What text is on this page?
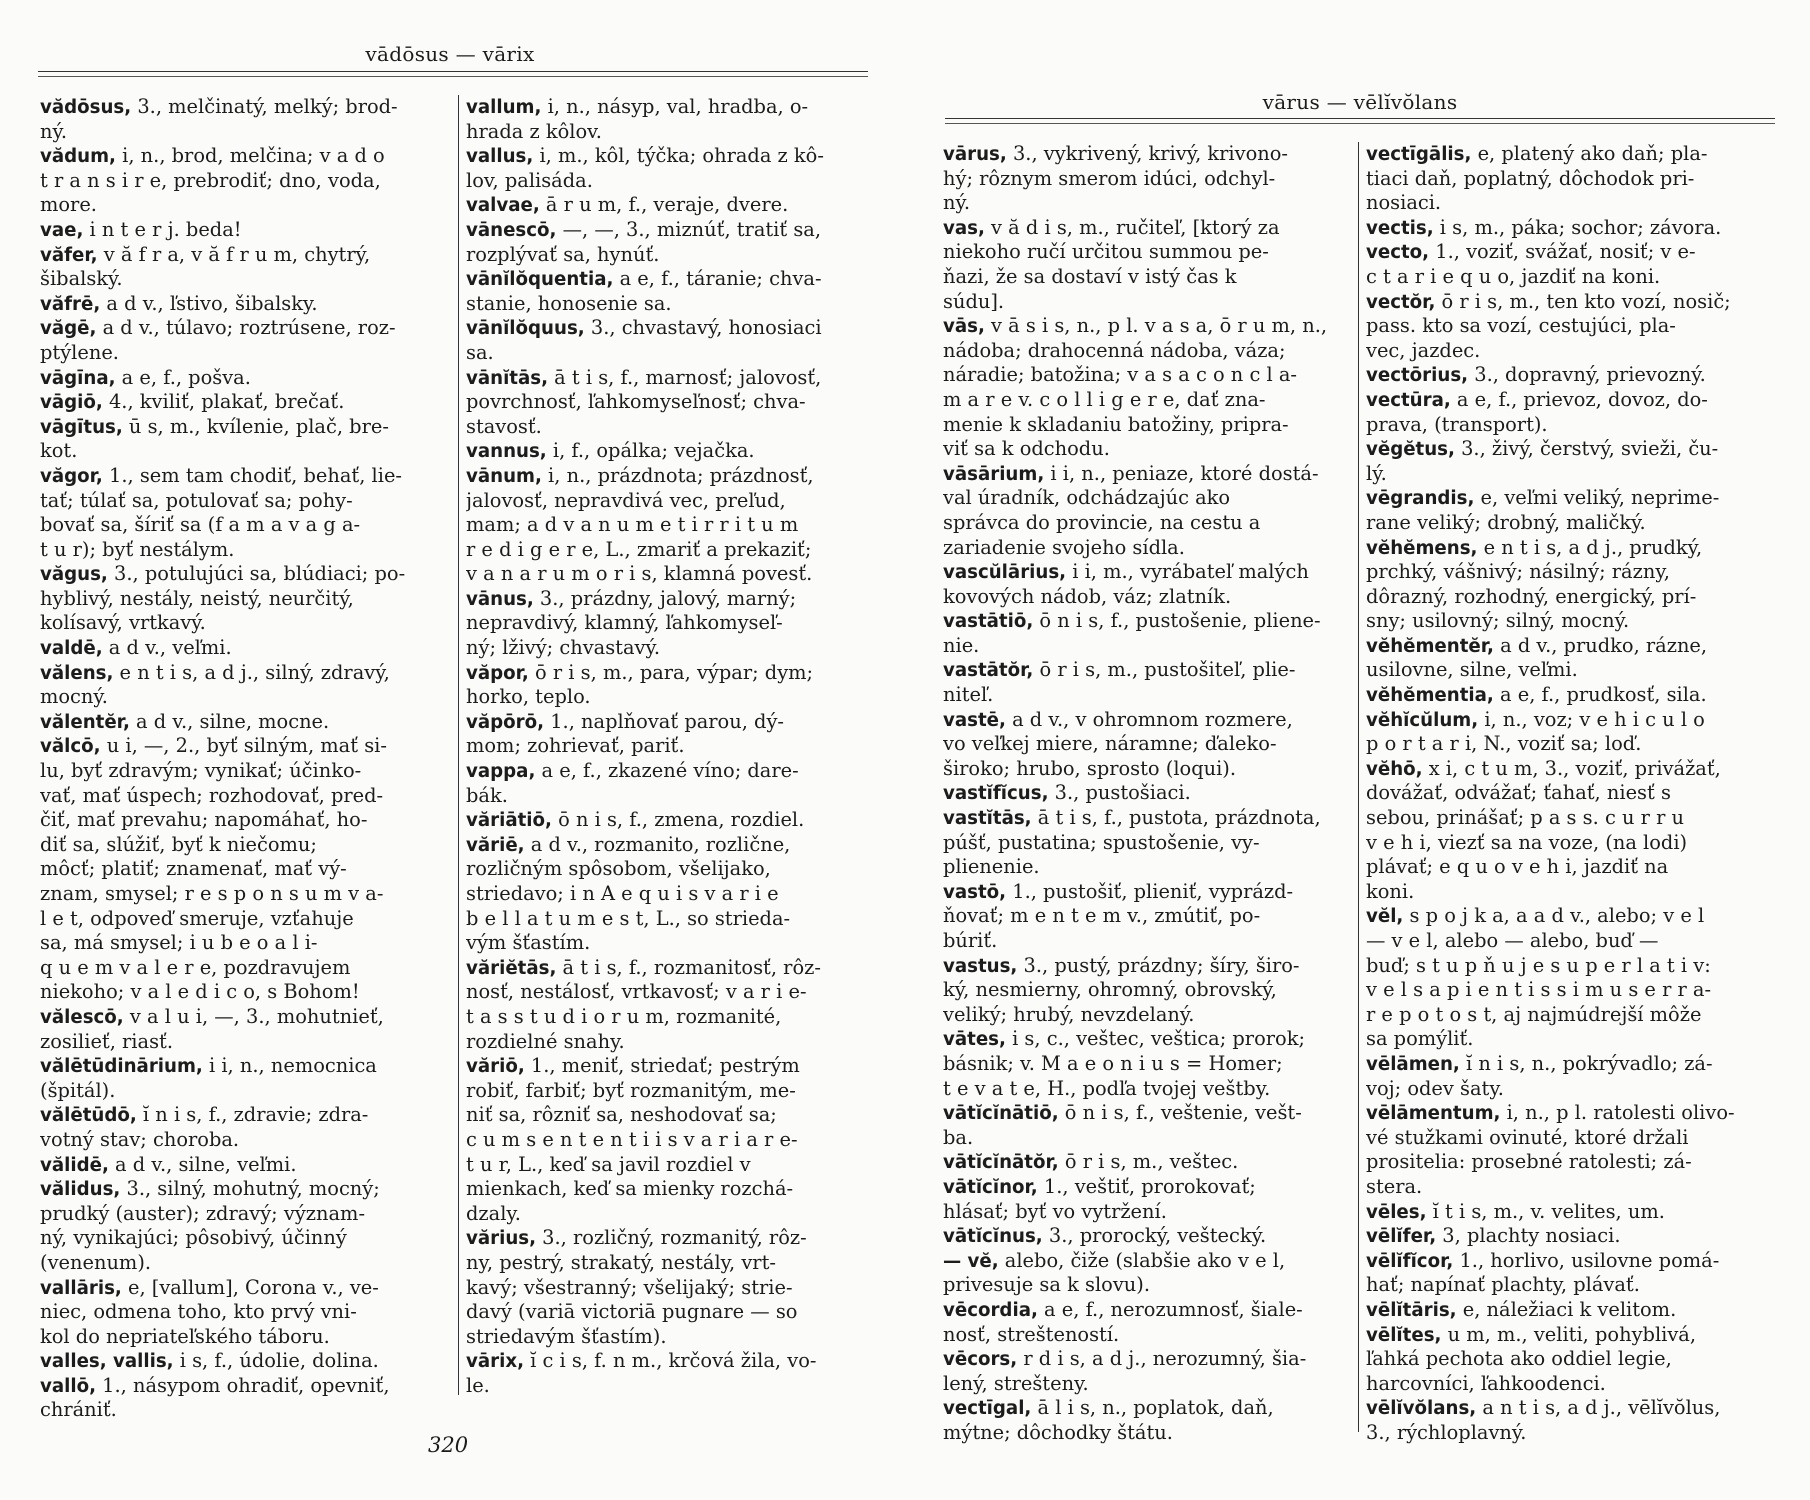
vādōsus — vārix
vădōsus, 3., melčinatý, melký; brod-
ný.
vădum, i, n., brod, melčina; v a d o
t r a n s i r e, prebrodiť; dno, voda,
more.
vae, i n t e r j. beda!
văfer, v ă f r a, v ă f r u m, chytrý,
šibalský.
văfrē, a d v., ľstivo, šibalsky.
văgē, a d v., túlavo; roztrúsene, roz-
ptýlene.
vāgīna, a e, f., pošva.
vāgiō, 4., kviliť, plakať, brečať.
vāgītus, ū s, m., kvílenie, plač, bre-
kot.
văgor, 1., sem tam chodiť, behať, lie-
tať; túlať sa, potulovať sa; pohy-
bovať sa, šíriť sa (f a m a v a g a-
t u r); byť nestálym.
văgus, 3., potulujúci sa, blúdiaci; po-
hyblivý, nestály, neistý, neurčitý,
kolísavý, vrtkavý.
valdē, a d v., veľmi.
vălens, e n t i s, a d j., silný, zdravý,
mocný.
vălentĕr, a d v., silne, mocne.
vălcō, u i, —, 2., byť silným, mať si-
lu, byť zdravým; vynikať; účinko-
vať, mať úspech; rozhodovať, pred-
čiť, mať prevahu; napomáhať, ho-
diť sa, slúžiť, byť k niečomu;
môcť; platiť; znamenať, mať vý-
znam, smysel; r e s p o n s u m v a-
l e t, odpoveď smeruje, vzťahuje
sa, má smysel; i u b e o a l i-
q u e m v a l e r e, pozdravujem
niekoho; v a l e d i c o, s Bohom!
vălescō, v a l u i, —, 3., mohutnieť,
zosilieť, riasť.
vălētūdinārium, i i, n., nemocnica
(špitál).
vălētūdō, ĭ n i s, f., zdravie; zdra-
votný stav; choroba.
vălidē, a d v., silne, veľmi.
vălidus, 3., silný, mohutný, mocný;
prudký (auster); zdravý; význam-
ný, vynikajúci; pôsobivý, účinný
(venenum).
vallāris, e, [vallum], Corona v., ve-
niec, odmena toho, kto prvý vni-
kol do nepriateľského táboru.
valles, vallis, i s, f., údolie, dolina.
vallō, 1., násypom ohradiť, opevniť,
chrániť.
vallum, i, n., násyp, val, hradba, o-
hrada z kôlov.
vallus, i, m., kôl, týčka; ohrada z kô-
lov, palisáda.
valvae, ā r u m, f., veraje, dvere.
vānescō, —, —, 3., miznúť, tratiť sa,
rozplývať sa, hynúť.
vānĭlŏquentia, a e, f., táranie; chva-
stanie, honosenie sa.
vānĭlŏquus, 3., chvastavý, honosiaci
sa.
vānĭtās, ā t i s, f., marnosť; jalovosť,
povrchnosť, ľahkomyseľnosť; chva-
stavosť.
vannus, i, f., opálka; vejačka.
vānum, i, n., prázdnota; prázdnosť,
jalovosť, nepravdivá vec, preľud,
mam; a d v a n u m e t i r r i t u m
r e d i g e r e, L., zmariť a prekaziť;
v a n a r u m o r i s, klamná povesť.
vānus, 3., prázdny, jalový, marný;
nepravdivý, klamný, ľahkomyseľ-
ný; lživý; chvastavý.
văpor, ō r i s, m., para, výpar; dym;
horko, teplo.
văpōrō, 1., naplňovať parou, dý-
mom; zohrievať, pariť.
vappa, a e, f., zkazené víno; dare-
bák.
văriātiō, ō n i s, f., zmena, rozdiel.
văriē, a d v., rozmanito, rozlične,
rozličným spôsobom, všelijako,
striedavo; i n A e q u i s v a r i e
b e l l a t u m e s t, L., so strieda-
vým šťastím.
văriĕtās, ā t i s, f., rozmanitosť, rôz-
nosť, nestálosť, vrtkavosť; v a r i e-
t a s s t u d i o r u m, rozmanité,
rozdielné snahy.
văriō, 1., meniť, striedať; pestrým
robiť, farbiť; byť rozmanitým, me-
niť sa, rôzniť sa, neshodovať sa;
c u m s e n t e n t i i s v a r i a r e-
t u r, L., keď sa javil rozdiel v
mienkach, keď sa mienky rozchá-
dzaly.
vărius, 3., rozličný, rozmanitý, rôz-
ny, pestrý, strakatý, nestály, vrt-
kavý; všestranný; všelijaký; strie-
davý (variā victoriā pugnare — so
striedavým šťastím).
vārix, ĭ c i s, f. n m., krčová žila, vo-
le.
320
vārus — vēlĭvŏlans
vārus, 3., vykrivený, krivý, krivono-
hý; rôznym smerom idúci, odchyl-
ný.
vas, v ă d i s, m., ručiteľ, [ktorý za
niekoho ručí určitou summou pe-
ňazi, že sa dostaví v istý čas k
súdu].
vās, v ā s i s, n., p l. v a s a, ō r u m, n.,
nádoba; drahocenná nádoba, váza;
náradie; batožina; v a s a c o n c l a-
m a r e v. c o l l i g e r e, dať zna-
menie k skladaniu batožiny, pripra-
viť sa k odchodu.
vāsārium, i i, n., peniaze, ktoré dostá-
val úradník, odchádzajúc ako
správca do provincie, na cestu a
zariadenie svojeho sídla.
vascŭlārius, i i, m., vyrábateľ malých
kovových nádob, váz; zlatník.
vastātiō, ō n i s, f., pustošenie, pliene-
nie.
vastātŏr, ō r i s, m., pustošiteľ, plie-
niteľ.
vastē, a d v., v ohromnom rozmere,
vo veľkej miere, náramne; ďaleko-
široko; hrubo, sprosto (loqui).
vastĭfĭcus, 3., pustošiaci.
vastĭtās, ā t i s, f., pustota, prázdnota,
púšť, pustatina; spustošenie, vy-
plienenie.
vastō, 1., pustošiť, plieniť, vyprázd-
ňovať; m e n t e m v., zmútiť, po-
búriť.
vastus, 3., pustý, prázdny; šíry, širo-
ký, nesmierny, ohromný, obrovský,
veliký; hrubý, nevzdelaný.
vātes, i s, c., veštec, veštica; prorok;
básnik; v. M a e o n i u s = Homer;
t e v a t e, H., podľa tvojej veštby.
vātĭcĭnātiō, ō n i s, f., veštenie, vešt-
ba.
vātĭcĭnātŏr, ō r i s, m., veštec.
vātĭcĭnor, 1., veštiť, prorokovať;
hlásať; byť vo vytržení.
vātĭcĭnus, 3., prorocký, veštecký.
— vĕ, alebo, čiže (slabšie ako v e l,
privesuje sa k slovu).
vēcordia, a e, f., nerozumnosť, šiale-
nosť, strešteností.
vēcors, r d i s, a d j., nerozumný, šia-
lený, strešteny.
vectīgal, ā l i s, n., poplatok, daň,
mýtne; dôchodky štátu.
vectīgālis, e, platený ako daň; pla-
tiaci daň, poplatný, dôchodok pri-
nosiaci.
vectis, i s, m., páka; sochor; závora.
vecto, 1., voziť, svážať, nosiť; v e-
c t a r i e q u o, jazdiť na koni.
vectŏr, ō r i s, m., ten kto vozí, nosič;
pass. kto sa vozí, cestujúci, pla-
vec, jazdec.
vectōrius, 3., dopravný, prievozný.
vectūra, a e, f., prievoz, dovoz, do-
prava, (transport).
vĕgĕtus, 3., živý, čerstvý, svieži, ču-
lý.
vēgrandis, e, veľmi veliký, neprime-
rane veliký; drobný, maličký.
vĕhĕmens, e n t i s, a d j., prudký,
prchký, vášnivý; násilný; rázny,
dôrazný, rozhodný, energický, prí-
sny; usilovný; silný, mocný.
vĕhĕmentĕr, a d v., prudko, rázne,
usilovne, silne, veľmi.
vĕhĕmentia, a e, f., prudkosť, sila.
vĕhĭcŭlum, i, n., voz; v e h i c u l o
p o r t a r i, N., voziť sa; loď.
vĕhō, x i, c t u m, 3., voziť, privážať,
dovážať, odvážať; ťahať, niesť s
sebou, prinášať; p a s s. c u r r u
v e h i, viezť sa na voze, (na lodi)
plávať; e q u o v e h i, jazdiť na
koni.
vĕl, s p o j k a, a a d v., alebo; v e l
— v e l, alebo — alebo, buď —
buď; s t u p ň u j e s u p e r l a t i v:
v e l s a p i e n t i s s i m u s e r r a-
r e p o t o s t, aj najmúdrejší môže
sa pomýliť.
vēlāmen, ĭ n i s, n., pokrývadlo; zá-
voj; odev šaty.
vēlāmentum, i, n., p l. ratolesti olivo-
vé stužkami ovinuté, ktoré držali
prositelia: prosebné ratolesti; zá-
stera.
vēles, ĭ t i s, m., v. velites, um.
vēlĭfer, 3, plachty nosiaci.
vēlĭfĭcor, 1., horlivo, usilovne pomá-
hať; napínať plachty, plávať.
vēlĭtāris, e, náležiaci k velitom.
vēlĭtes, u m, m., veliti, pohyblivá,
ľahká pechota ako oddiel legie,
harcovníci, ľahkoodenci.
vēlĭvŏlans, a n t i s, a d j., vēlĭvŏlus,
3., rýchloplavný.
